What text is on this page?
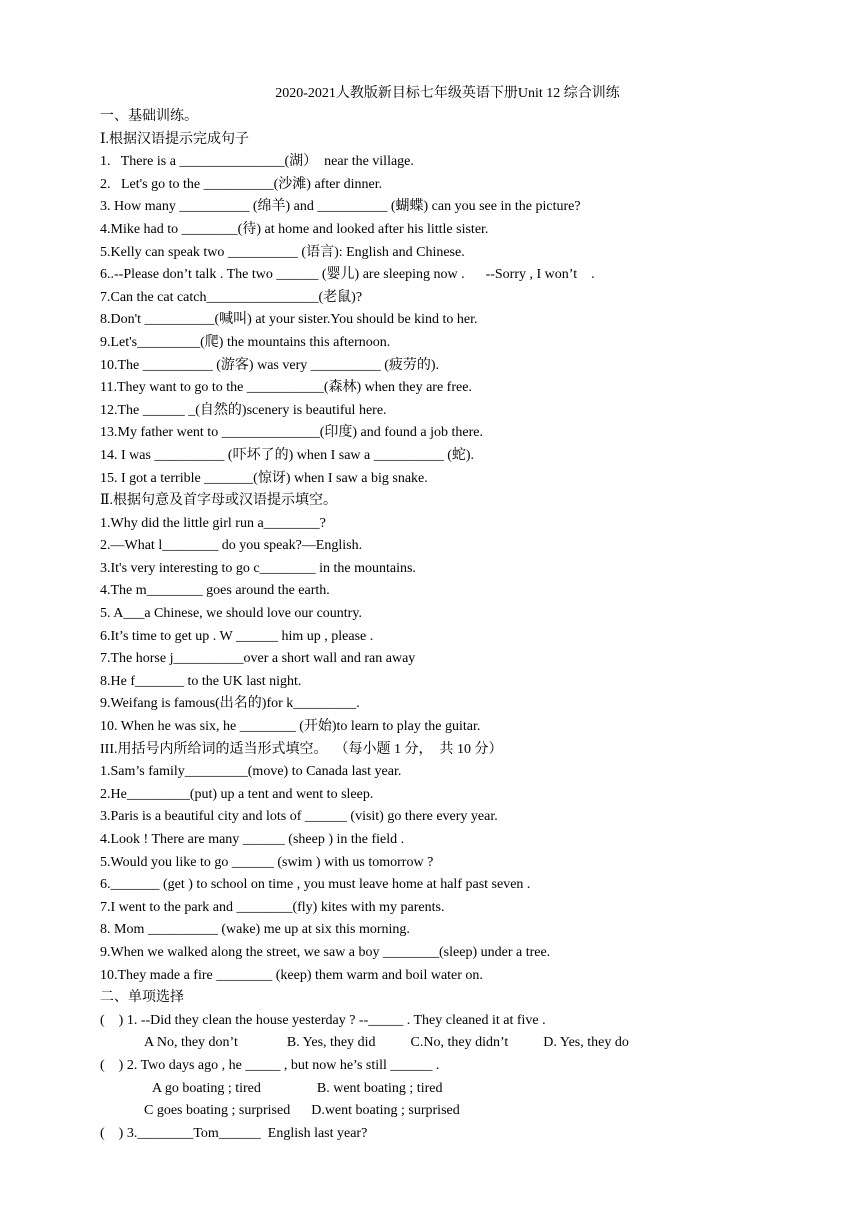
2020-2021人教版新目标七年级英语下册Unit 12 综合训练
一、基础训练。
Ⅰ.根据汉语提示完成句子
1.   There is a _______________(湖）  near the village.
2.   Let's go to the __________(沙滩) after dinner.
3. How many __________ (绵羊) and __________ (蝴蝶) can you see in the picture?
4.Mike had to ________(待) at home and looked after his little sister.
5.Kelly can speak two __________ (语言): English and Chinese.
6..--Please don’t talk . The two ______ (婴儿) are sleeping now .      --Sorry , I won’t    .
7.Can the cat catch________________(老鼠)?
8.Don't __________(喊叫) at your sister.You should be kind to her.
9.Let's_________(爬) the mountains this afternoon.
10.The __________ (游客) was very __________ (疲劳的).
11.They want to go to the ___________(森林) when they are free.
12.The ______ _(自然的)scenery is beautiful here.
13.My father went to ______________(印度) and found a job there.
14. I was __________ (吓坏了的) when I saw a __________ (蛇).
15. I got a terrible _______(惊讶) when I saw a big snake.
Ⅱ.根据句意及首字母或汉语提示填空。
1.Why did the little girl run a________?
2.—What l________ do you speak?—English.
3.It's very interesting to go c________ in the mountains.
4.The m________ goes around the earth.
5. A___a Chinese, we should love our country.
6.It’s time to get up . W ______ him up , please .
7.The horse j__________over a short wall and ran away
8.He f_______ to the UK last night.
9.Weifang is famous(出名的)for k_________.
10. When he was six, he ________ (开始)to learn to play the guitar.
III.用括号内所给词的适当形式填空。  （每小题 1 分，  共 10 分）
1.Sam’s family_________(move) to Canada last year.
2.He_________(put) up a tent and went to sleep.
3.Paris is a beautiful city and lots of ______ (visit) go there every year.
4.Look ! There are many ______ (sheep ) in the field .
5.Would you like to go ______ (swim ) with us tomorrow ?
6._______ (get ) to school on time , you must leave home at half past seven .
7.I went to the park and ________(fly) kites with my parents.
8. Mom __________ (wake) me up at six this morning.
9.When we walked along the street, we saw a boy ________(sleep) under a tree.
10.They made a fire ________ (keep) them warm and boil water on.
二、单项选择
(    ) 1. --Did they clean the house yesterday ? --_____ . They cleaned it at five .
A No, they don’t              B. Yes, they did          C.No, they didn’t          D. Yes, they do
(    ) 2. Two days ago , he _____ , but now he’s still ______ .
A go boating ; tired                B. went boating ; tired
C goes boating ; surprised      D.went boating ; surprised
(    ) 3.________Tom______  English last year?
